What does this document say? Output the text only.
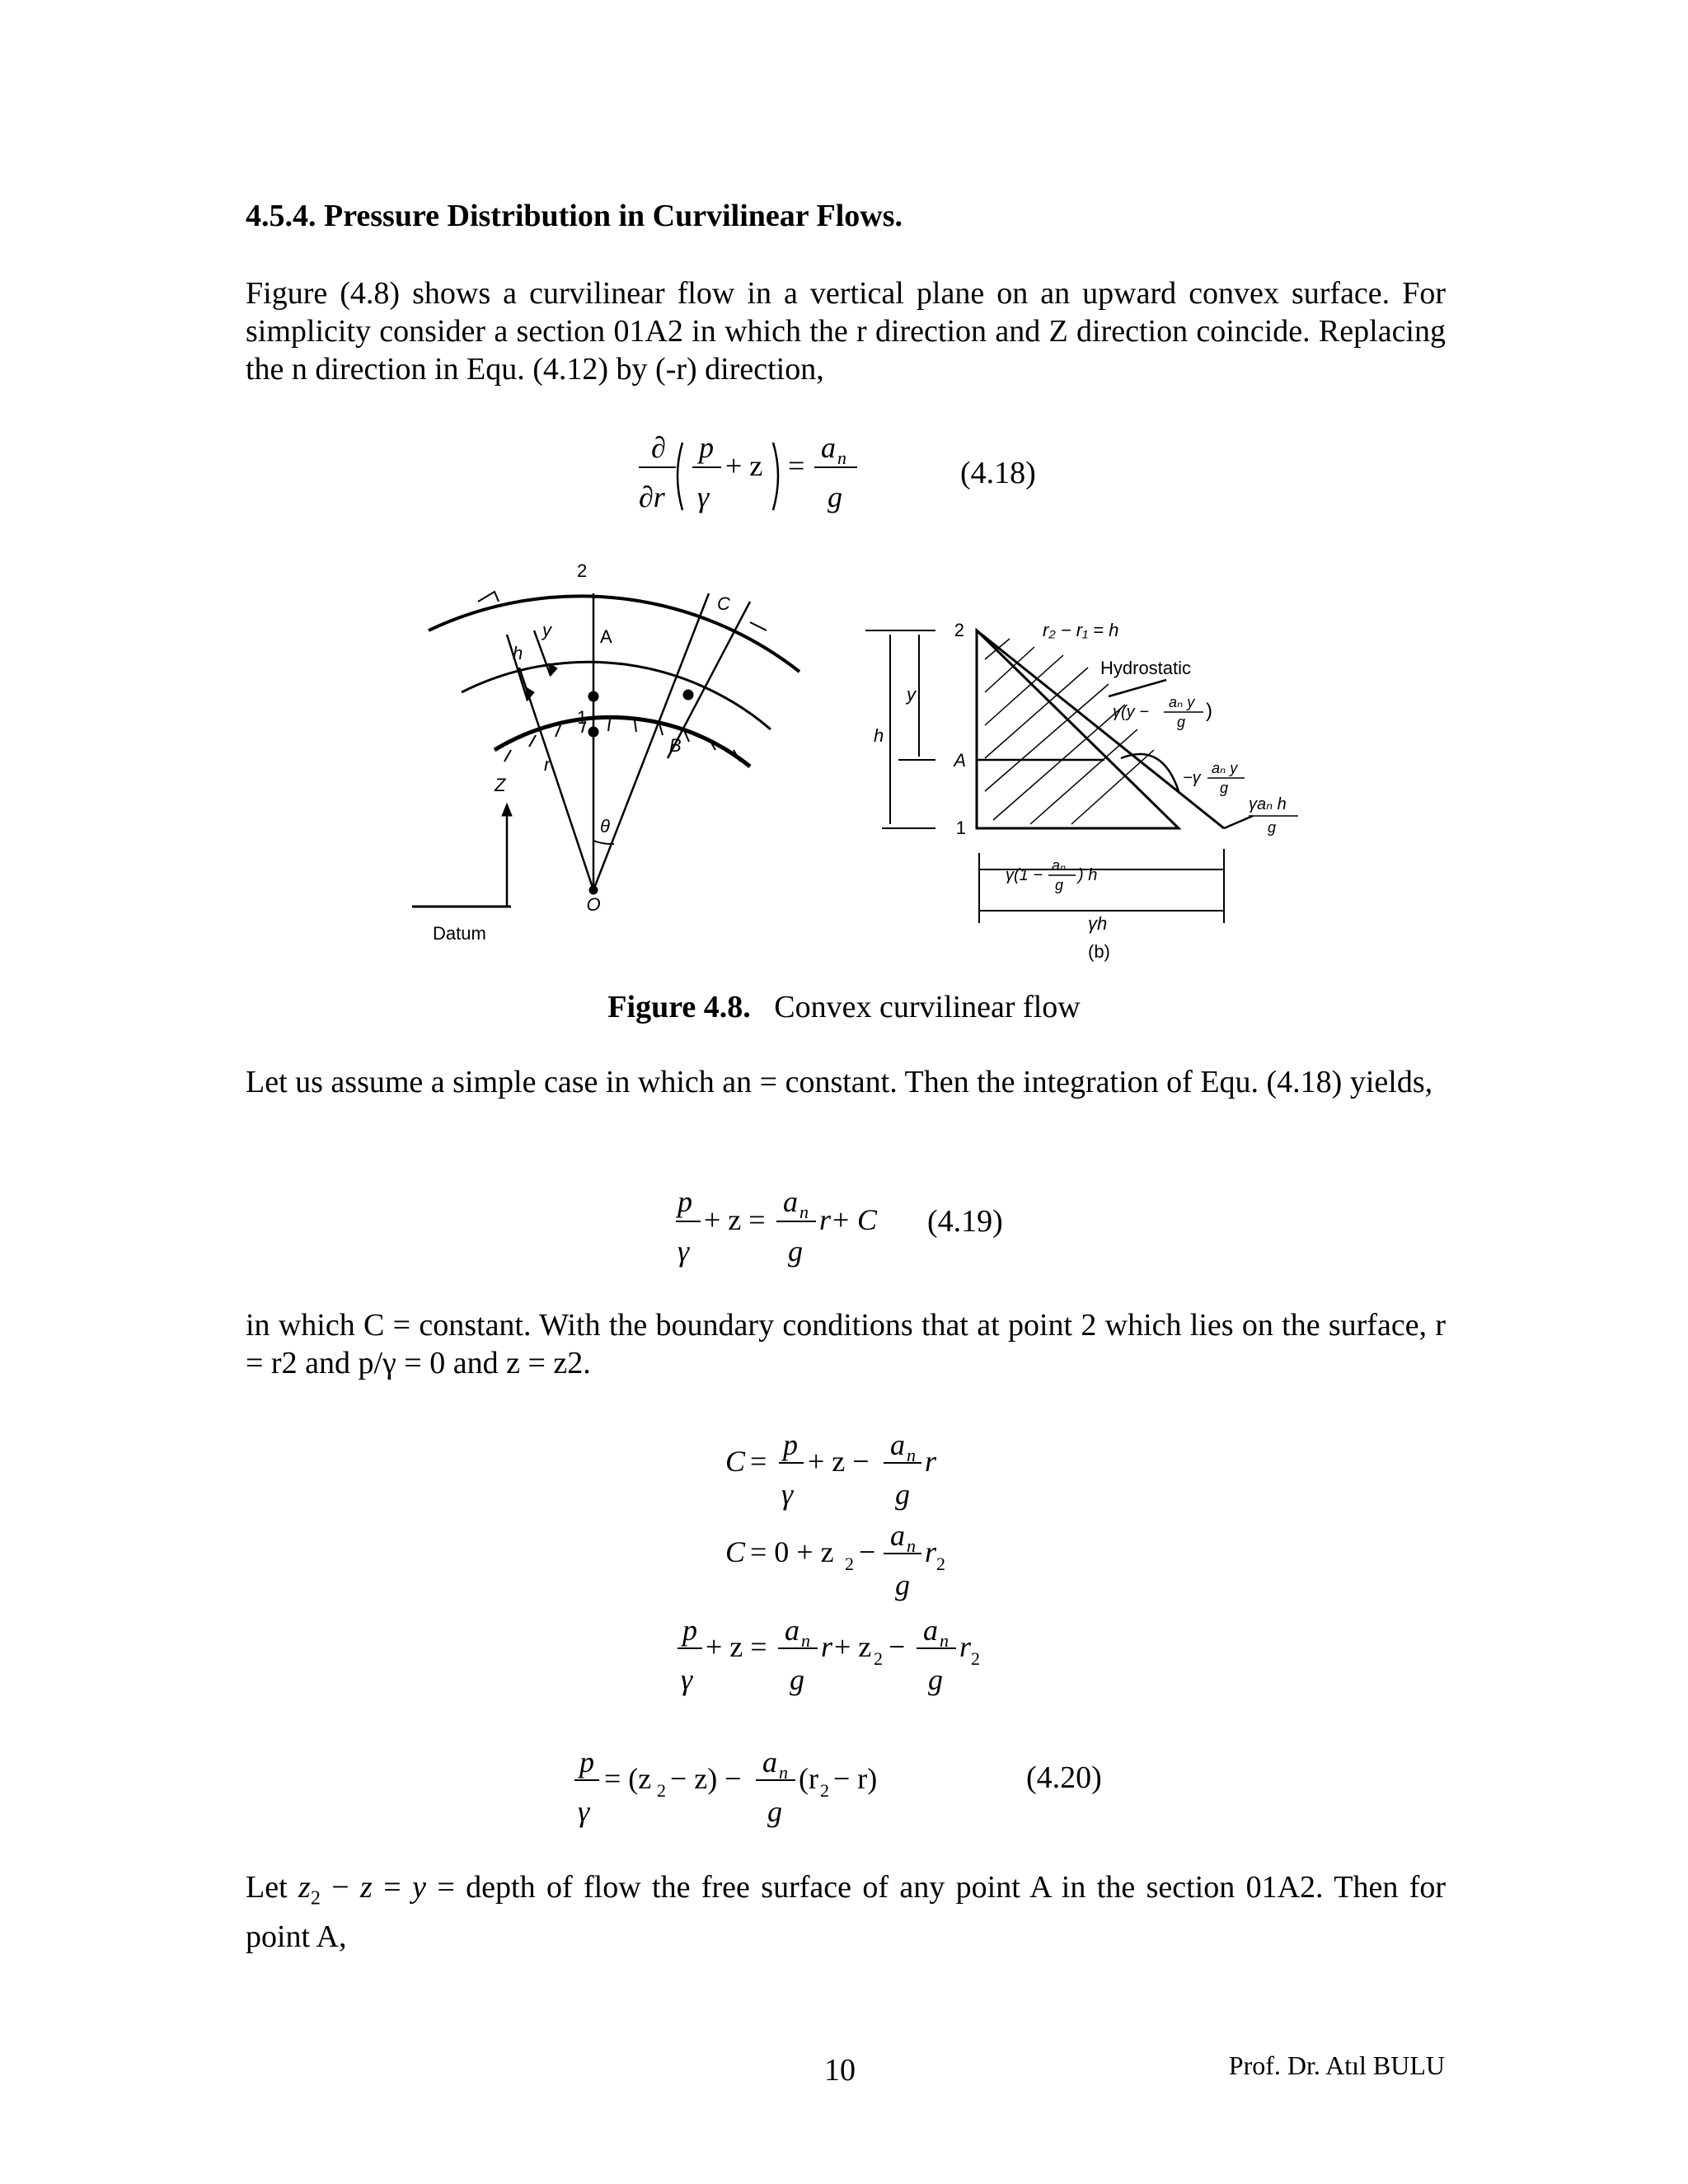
4.5.4. Pressure Distribution in Curvilinear Flows.
Figure (4.8) shows a curvilinear flow in a vertical plane on an upward convex surface. For simplicity consider a section 01A2 in which the r direction and Z direction coincide. Replacing the n direction in Equ. (4.12) by (-r) direction,
∂
∂r
p
γ
+ z =
a n
g
(4.18)
2
A
C
1
B
O
θ
h
y
Z
r
Datum
2
A
1
y
h
r₂ − r₁ = h
Hydrostatic
γh
(b)
γ(y −
aₙ y
g )
−γ
aₙ y
g
γaₙ h
g
γ(1 −
aₙ
g
) h
Figure 4.8. Convex curvilinear flow
Let us assume a simple case in which an = constant. Then the integration of Equ. (4.18) yields,
p
γ
+ z =
a n
g
r + C (4.19)
in which C = constant. With the boundary conditions that at point 2 which lies on the surface, r = r2 and p/γ = 0 and z = z2.
C = p
γ
+ z − a n
g
r
C = 0 + z 2 − a n
g
r 2
p
γ
+ z = a n
g
r + z 2 − a n
g
r 2
p
γ
= (z 2 − z) − a n
g
(r 2 − r)	(4.20)
Let $z_2 - z = y$ = depth of flow the free surface of any point A in the section 01A2. Then for point A,
10	Prof. Dr. Atıl BULU
